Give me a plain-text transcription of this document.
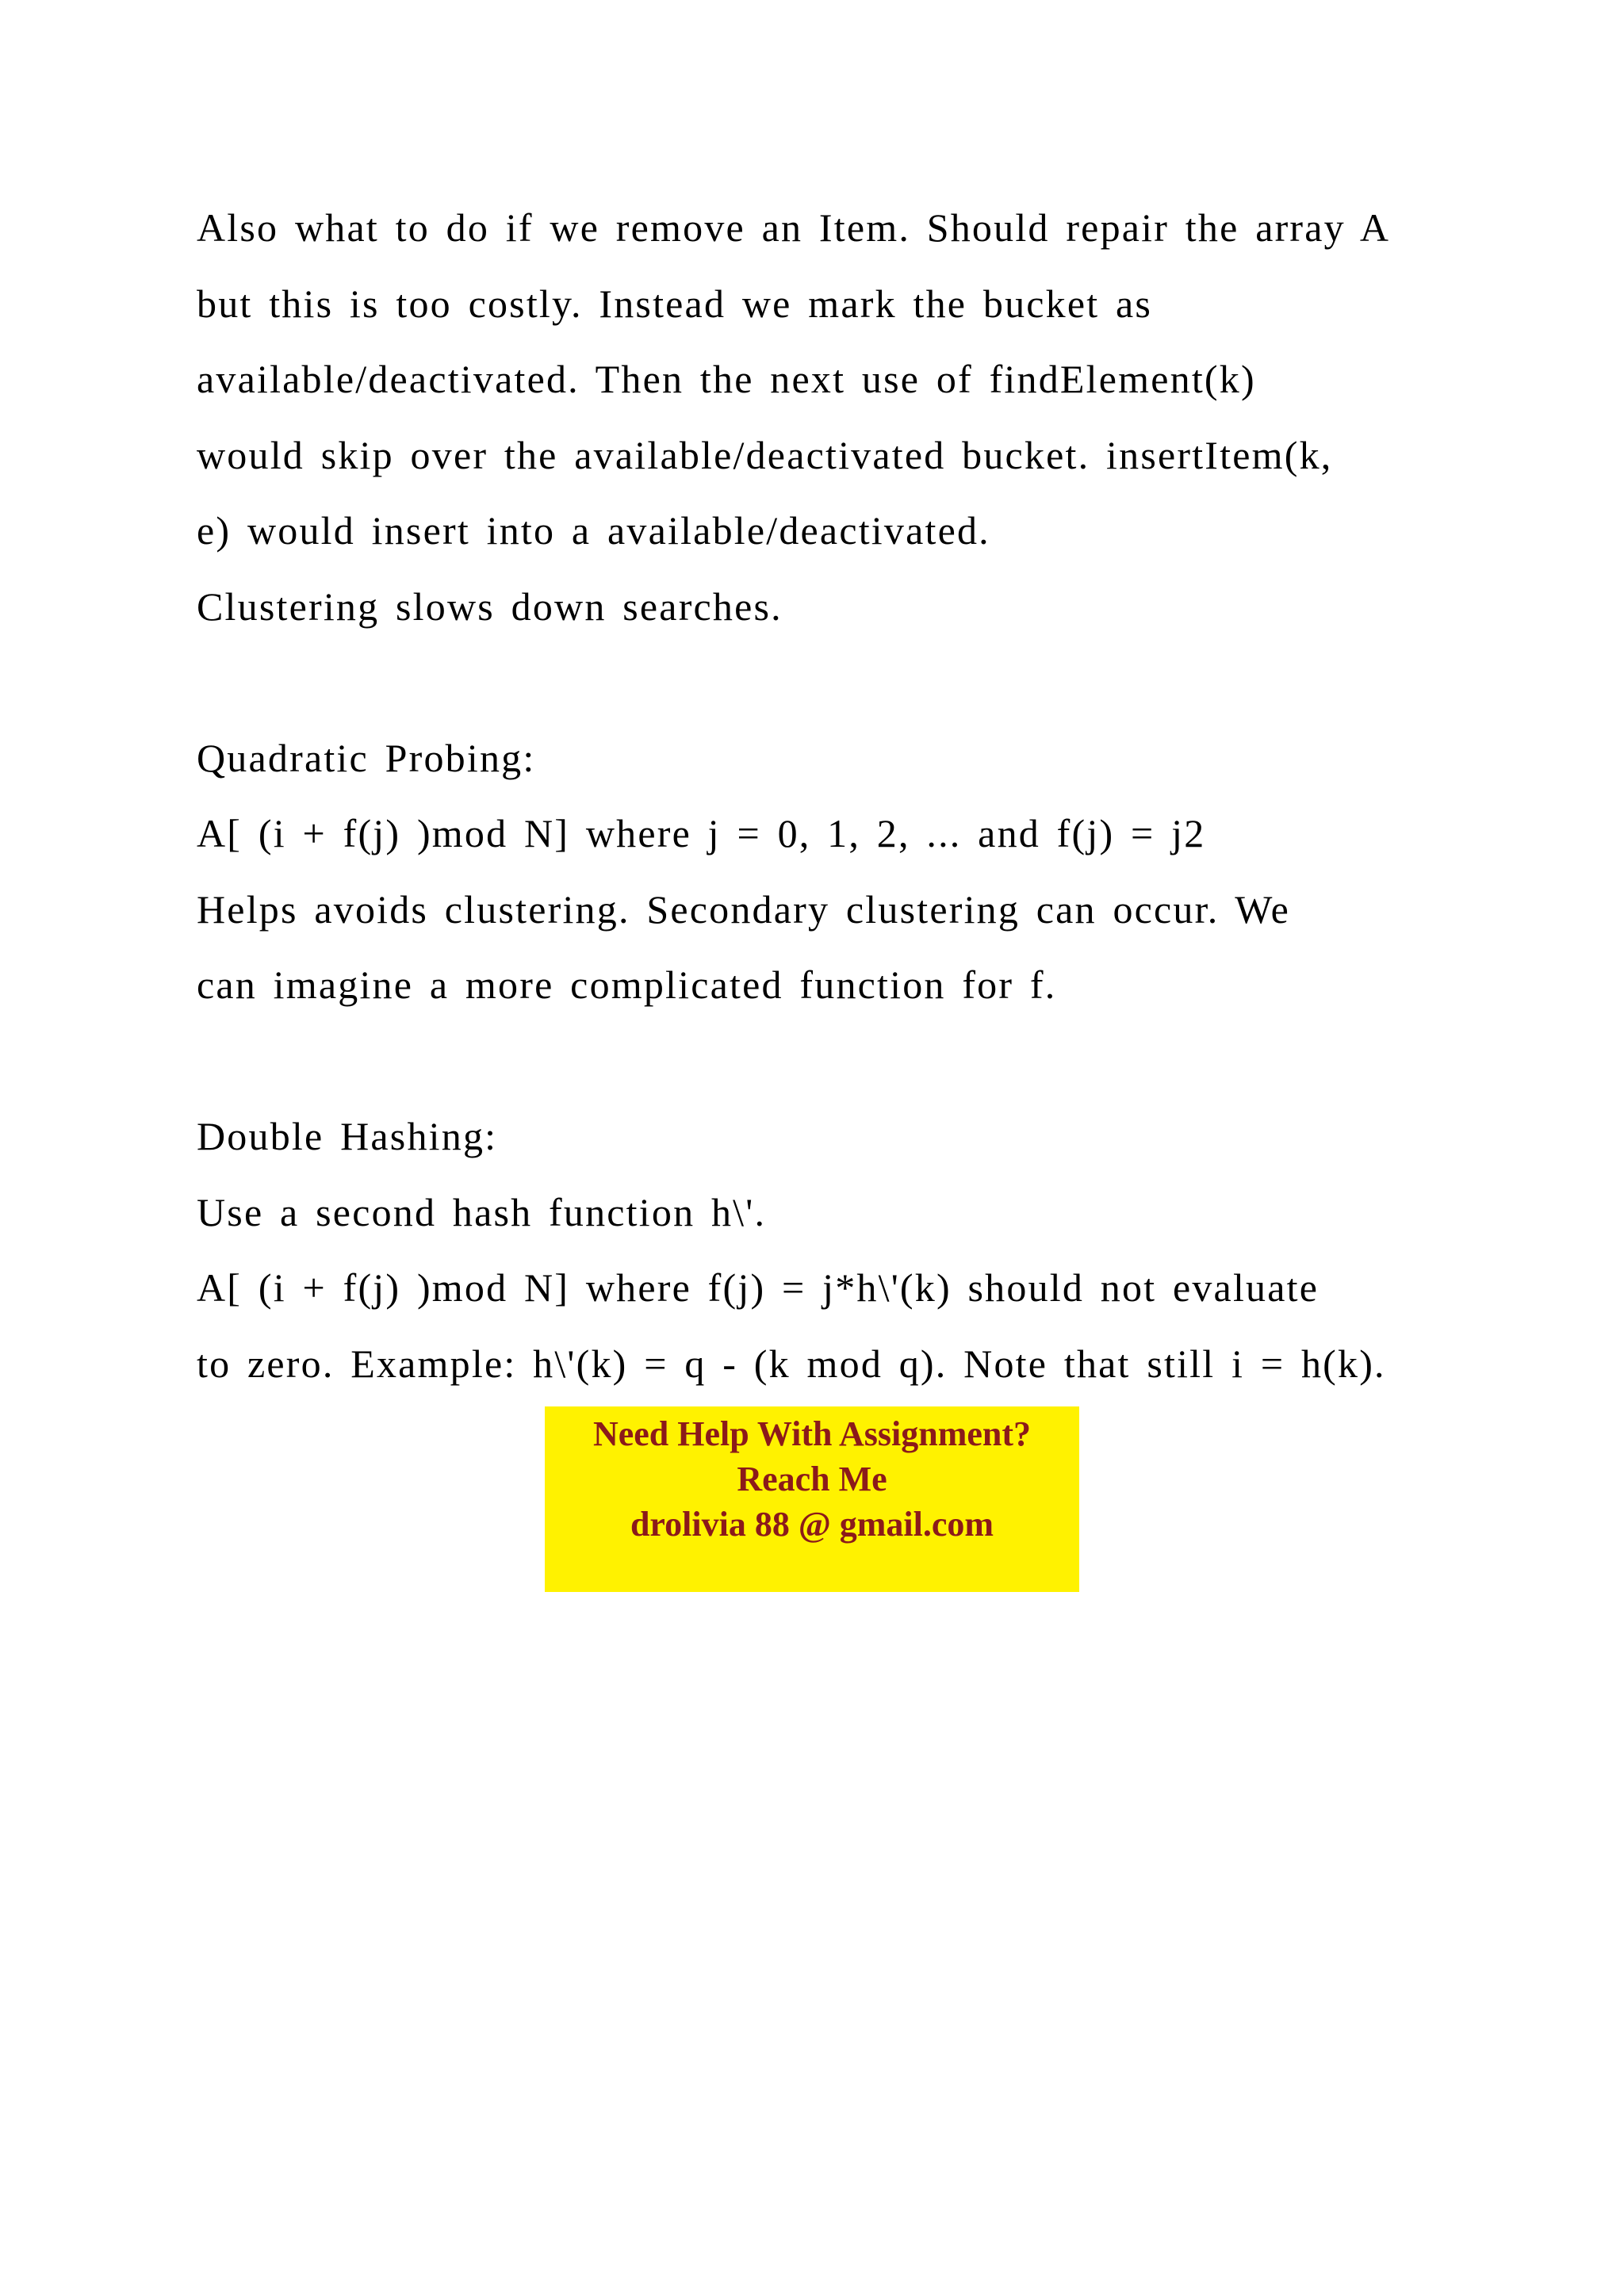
Also what to do if we remove an Item. Should repair the array A
but this is too costly. Instead we mark the bucket as
available/deactivated. Then the next use of findElement(k)
would skip over the available/deactivated bucket. insertItem(k,
e) would insert into a available/deactivated.
Clustering slows down searches.
Quadratic Probing:
A[ (i + f(j) )mod N] where j = 0, 1, 2, ... and f(j) = j2
Helps avoids clustering. Secondary clustering can occur. We
can imagine a more complicated function for f.
Double Hashing:
Use a second hash function h\'.
A[ (i + f(j) )mod N] where f(j) = j*h\'(k) should not evaluate
to zero. Example: h\'(k) = q - (k mod q). Note that still i = h(k).
Need Help With Assignment?
Reach Me
drolivia 88 @ gmail.com
